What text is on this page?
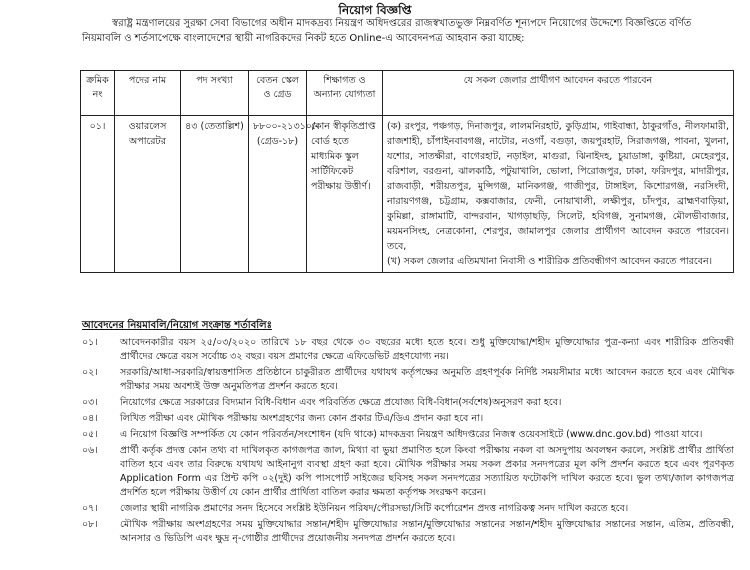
নিয়োগ বিজ্ঞপ্তি

স্বরাষ্ট্র মন্ত্রণালয়ের সুরক্ষা সেবা বিভাগের অধীন মাদকদ্রব্য নিয়ন্ত্রণ অধিদপ্তরের রাজস্বখাতভুক্ত নিম্নবর্ণিত শূন্যপদে নিয়োগের উদ্দেশ্যে বিজ্ঞপ্তিতে বর্ণিত নিয়মাবলি ও শর্তসাপেক্ষে বাংলাদেশের স্থায়ী নাগরিকদের নিকট হতে Online-এ আবেদনপত্র আহবান করা যাচ্ছে:

ক্রমিক নং	পদের নাম	পদ সংখ্যা	বেতন স্কেল ও গ্রেড	শিক্ষাগত ও অন্যান্য যোগ্যতা	যে সকল জেলার প্রার্থীগণ আবেদন করতে পারবেন
০১।	ওয়ারলেস অপারেটর	৪৩ (তেতাল্লিশ)	৮৮০০-২১৩১০/- (গ্রেড-১৮)	কোন স্বীকৃতিপ্রাপ্ত বোর্ড হতে মাধ্যমিক স্কুল সার্টিফিকেট পরীক্ষায় উত্তীর্ণ।	(ক) রংপুর, পঞ্চগড়, দিনাজপুর, লালমনিরহাট, কুড়িগ্রাম, গাইবান্ধা, ঠাকুরগাঁও, নীলফামারী, রাজশাহী, চাঁপাইনবাবগঞ্জ, নাটোর, নওগাঁ, বগুড়া, জয়পুরহাট, সিরাজগঞ্জ, পাবনা, খুলনা, যশোর, সাতক্ষীরা, বাগেরহাট, নড়াইল, মাগুরা, ঝিনাইদহ, চুয়াডাঙ্গা, কুষ্টিয়া, মেহেরপুর, বরিশাল, বরগুনা, ঝালকাঠি, পটুয়াখালি, ভোলা, পিরোজপুর, ঢাকা, ফরিদপুর, মাদারীপুর, রাজবাড়ী, শরীয়তপুর, মুন্সিগঞ্জ, মানিকগঞ্জ, গাজীপুর, টাঙ্গাইল, কিশোরগঞ্জ, নরসিংদী, নারায়ণগঞ্জ, চট্টগ্রাম, কক্সবাজার, ফেনী, নোয়াখালী, লক্ষীপুর, চাঁদপুর, ব্রাহ্মণবাড়িয়া, কুমিল্লা, রাঙ্গামাটি, বান্দরবান, খাগড়াছড়ি, সিলেট, হবিগঞ্জ, সুনামগঞ্জ, মৌলভীবাজার, ময়মনসিংহ, নেত্রকোনা, শেরপুর, জামালপুর জেলার প্রার্থীগণ আবেদন করতে পারবেন। তবে,

(খ) সকল জেলার এতিমখানা নিবাসী ও শারীরিক প্রতিবন্ধীগণ আবেদন করতে পারবেন।

আবেদনের নিয়মাবলি/নিয়োগ সংক্রান্ত শর্তাবলিঃ
০১।	আবেদনকারীর বয়স ২৫/০৩/২০২০ তারিখে ১৮ বছর থেকে ৩০ বছরের মধ্যে হতে হবে। শুধু মুক্তিযোদ্ধা/শহীদ মুক্তিযোদ্ধার পুত্র-কন্যা এবং শারীরিক প্রতিবন্ধী প্রার্থীদের ক্ষেত্রে বয়স সর্বোচ্চ ৩২ বছর। বয়স প্রমাণের ক্ষেত্রে এফিডেভিট গ্রহণযোগ্য নয়।
০২।	সরকারি/আধা-সরকারি/স্বায়ত্তশাসিত প্রতিষ্ঠানে চাকুরীরত প্রার্থীদের যথাযথ কর্তৃপক্ষের অনুমতি গ্রহণপূর্বক নির্দিষ্ট সময়সীমার মধ্যে আবেদন করতে হবে এবং মৌখিক পরীক্ষার সময় অবশ্যই উক্ত অনুমতিপত্র প্রদর্শন করতে হবে।
০৩।	নিয়োগের ক্ষেত্রে সরকারের বিদ্যমান বিধি-বিধান এবং পরিবর্তিত ক্ষেত্রে প্রযোজ্য বিধি-বিধান(সর্বশেষ)অনুসরণ করা হবে।
০৪।	লিখিত পরীক্ষা এবং মৌখিক পরীক্ষায় অংশগ্রহণের জন্য কোন প্রকার টিএ/ডিএ প্রদান করা হবে না।
০৫।	এ নিয়োগ বিজ্ঞপ্তি সম্পর্কিত যে কোন পরিবর্তন/সংশোধন (যদি থাকে) মাদকদ্রব্য নিয়ন্ত্রণ অধিদপ্তরের নিজস্ব ওয়েবসাইটে (www.dnc.gov.bd) পাওয়া যাবে।
০৬।	প্রার্থী কর্তৃক প্রদত্ত কোন তথ্য বা দাখিলকৃত কাগজপত্র জাল, মিথ্যা বা ভুয়া প্রমাণিত হলে কিংবা পরীক্ষায় নকল বা অসদুপায় অবলম্বন করলে, সংশ্লিষ্ট প্রার্থীর প্রার্থিতা বাতিল হবে এবং তার বিরুদ্ধে যথাযথ আইনানুগ ব্যবস্থা গ্রহণ করা হবে। মৌখিক পরীক্ষার সময় সকল প্রকার সনদপত্রের মূল কপি প্রদর্শন করতে হবে এবং পূরণকৃত Application Form এর প্রিন্ট কপি ০২(দুই) কপি পাসপোর্ট সাইজের ছবিসহ সকল সনদপত্রের সত্যায়িত ফটোকপি দাখিল করতে হবে। ভুল তথ্য/জাল কাগজপত্র প্রদর্শিত হলে পরীক্ষায় উত্তীর্ণ যে কোন প্রার্থীর প্রার্থিতা বাতিল করার ক্ষমতা কর্তৃপক্ষ সংরক্ষণ করেন।
০৭।	জেলার স্থায়ী নাগরিক প্রমাণের সনদ হিসেবে সংশ্লিষ্ট ইউনিয়ন পরিষদ/পৌরসভা/সিটি কর্পোরেশন প্রদত্ত নাগরিকত্ব সনদ দাখিল করতে হবে।
০৮।	মৌখিক পরীক্ষায় অংশগ্রহণের সময় মুক্তিযোদ্ধার সন্তান/শহীদ মুক্তিযোদ্ধার সন্তান/মুক্তিযোদ্ধার সন্তানের সন্তান/শহীদ মুক্তিযোদ্ধার সন্তানের সন্তান, এতিম, প্রতিবন্ধী, আনসার ও ভিডিপি এবং ক্ষুদ্র নৃ-গোষ্ঠীর প্রার্থীদের প্রয়োজনীয় সনদপত্র প্রদর্শন করতে হবে।
